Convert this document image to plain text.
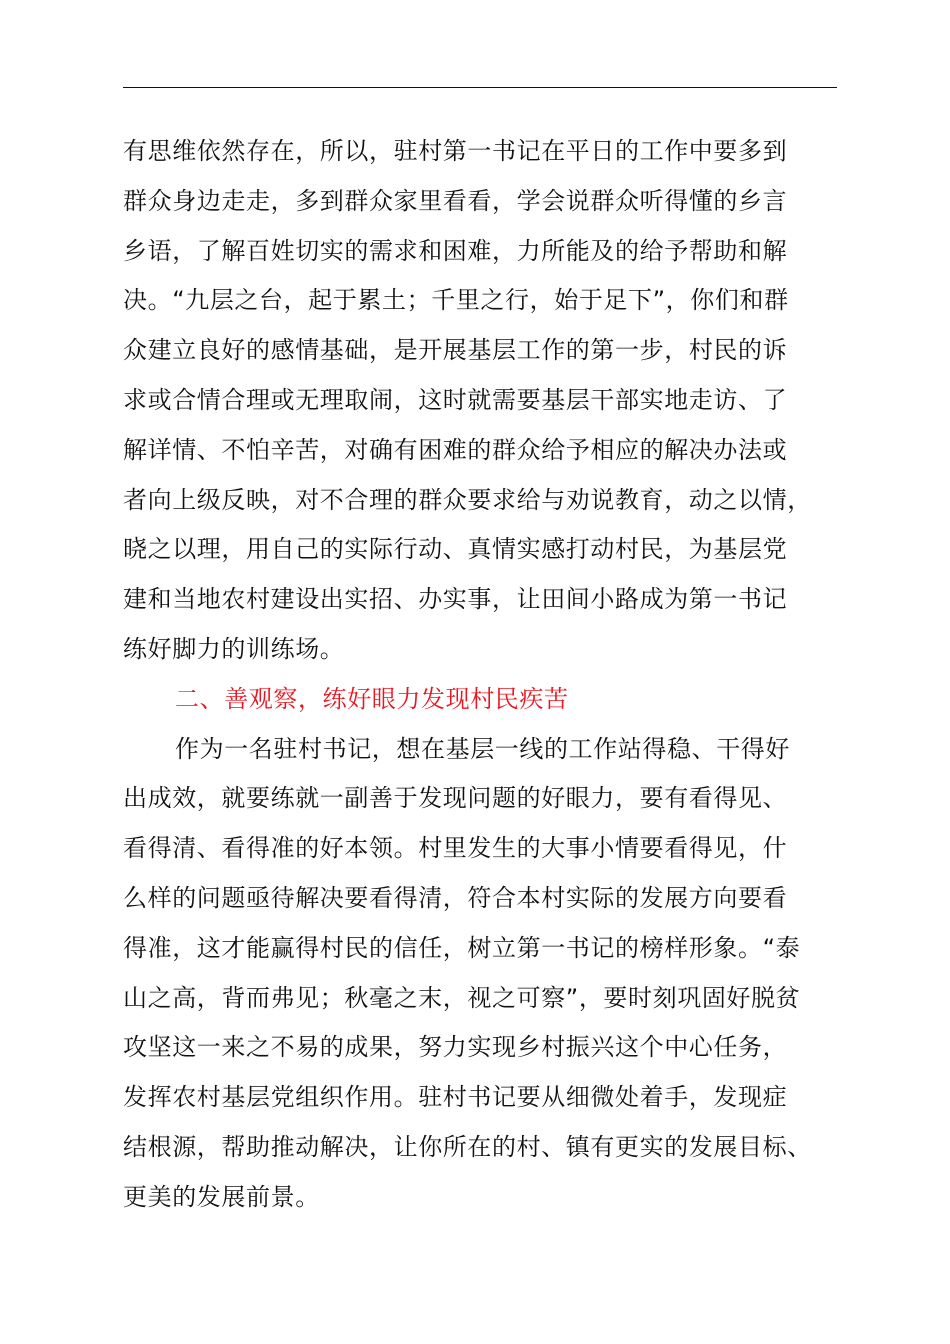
有思维依然存在，所以，驻村第一书记在平日的工作中要多到
群众身边走走，多到群众家里看看，学会说群众听得懂的乡言
乡语，了解百姓切实的需求和困难，力所能及的给予帮助和解
决。“九层之台，起于累土；千里之行，始于足下”，你们和群
众建立良好的感情基础，是开展基层工作的第一步，村民的诉
求或合情合理或无理取闹，这时就需要基层干部实地走访、了
解详情、不怕辛苦，对确有困难的群众给予相应的解决办法或
者向上级反映，对不合理的群众要求给与劝说教育，动之以情，
晓之以理，用自己的实际行动、真情实感打动村民，为基层党
建和当地农村建设出实招、办实事，让田间小路成为第一书记
练好脚力的训练场。
二、善观察，练好眼力发现村民疾苦
作为一名驻村书记，想在基层一线的工作站得稳、干得好
出成效，就要练就一副善于发现问题的好眼力，要有看得见、
看得清、看得准的好本领。村里发生的大事小情要看得见，什
么样的问题亟待解决要看得清，符合本村实际的发展方向要看
得准，这才能赢得村民的信任，树立第一书记的榜样形象。“泰
山之高，背而弗见；秋毫之末，视之可察”，要时刻巩固好脱贫
攻坚这一来之不易的成果，努力实现乡村振兴这个中心任务，
发挥农村基层党组织作用。驻村书记要从细微处着手，发现症
结根源，帮助推动解决，让你所在的村、镇有更实的发展目标、
更美的发展前景。
